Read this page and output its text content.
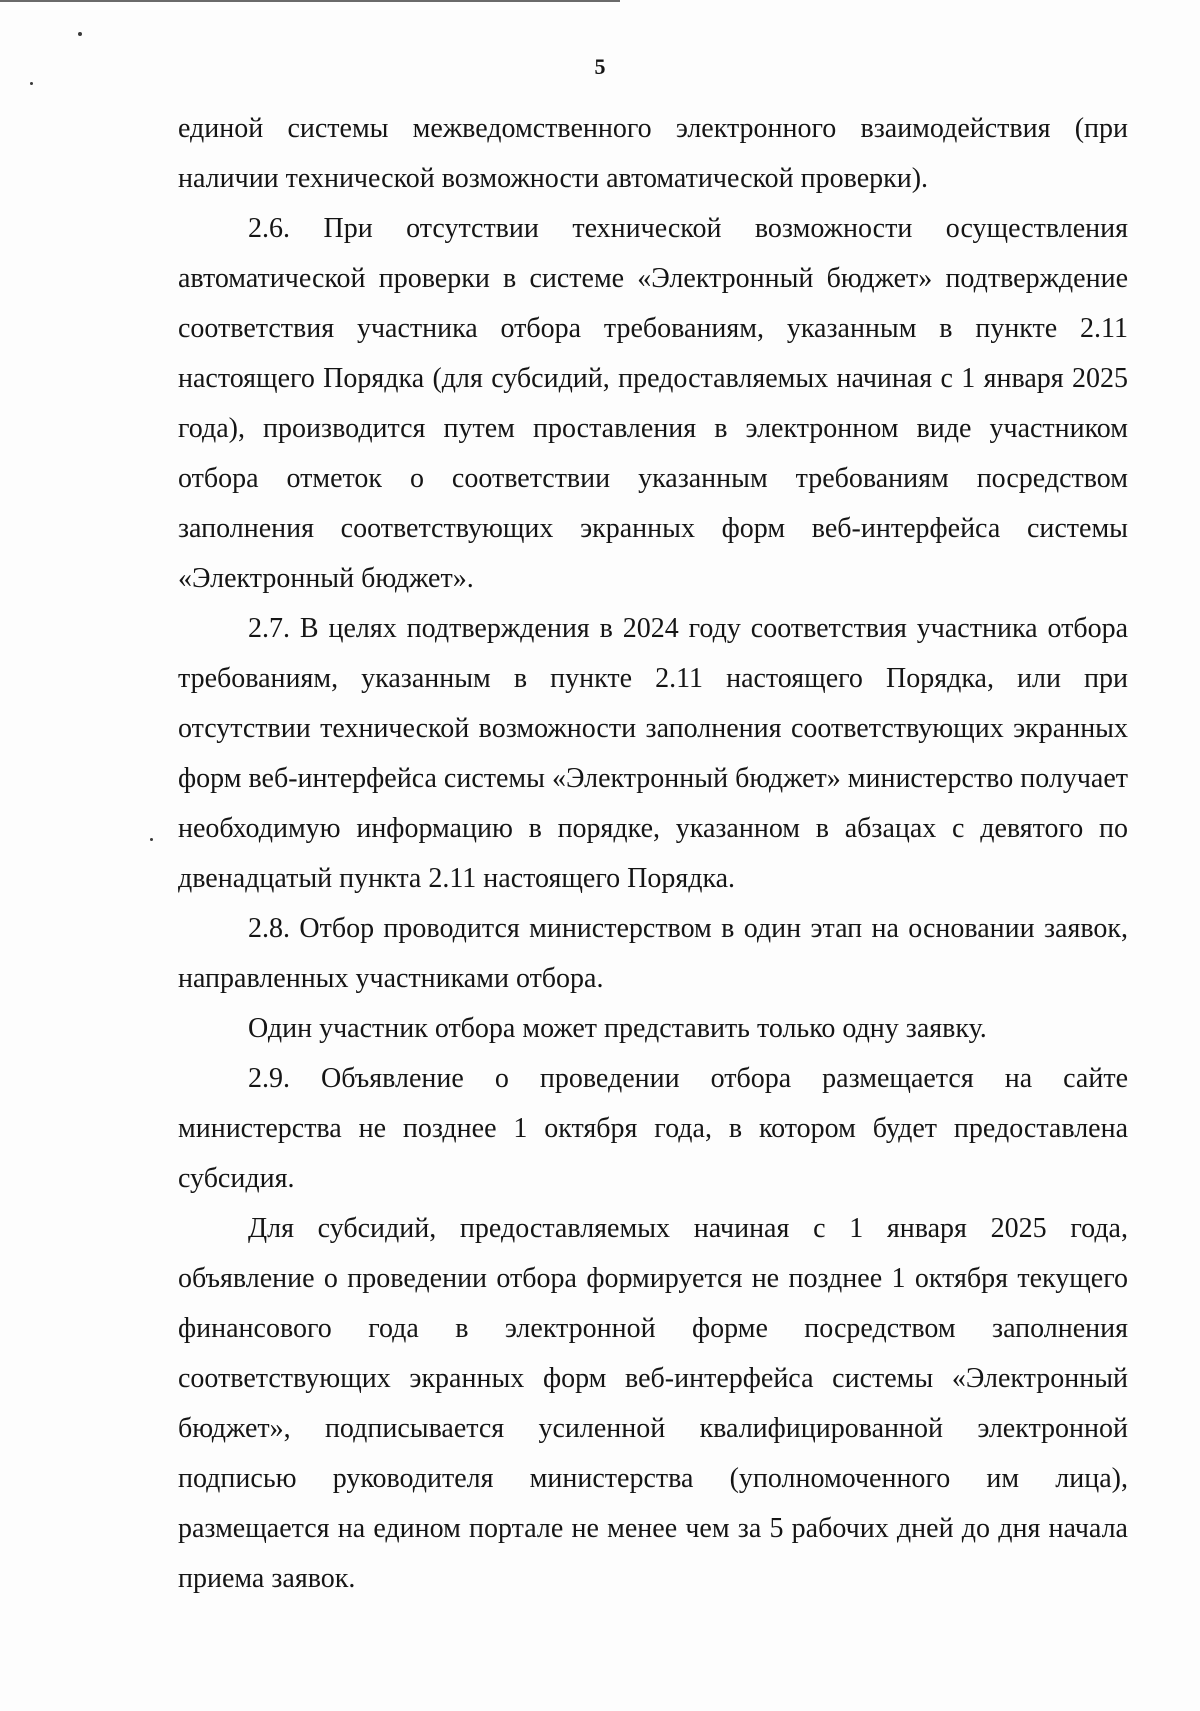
5

единой системы межведомственного электронного взаимодействия (при наличии технической возможности автоматической проверки).

2.6. При отсутствии технической возможности осуществления автоматической проверки в системе «Электронный бюджет» подтверждение соответствия участника отбора требованиям, указанным в пункте 2.11 настоящего Порядка (для субсидий, предоставляемых начиная с 1 января 2025 года), производится путем проставления в электронном виде участником отбора отметок о соответствии указанным требованиям посредством заполнения соответствующих экранных форм веб-интерфейса системы «Электронный бюджет».

2.7. В целях подтверждения в 2024 году соответствия участника отбора требованиям, указанным в пункте 2.11 настоящего Порядка, или при отсутствии технической возможности заполнения соответствующих экранных форм веб-интерфейса системы «Электронный бюджет» министерство получает необходимую информацию в порядке, указанном в абзацах с девятого по двенадцатый пункта 2.11 настоящего Порядка.

2.8. Отбор проводится министерством в один этап на основании заявок, направленных участниками отбора.

Один участник отбора может представить только одну заявку.

2.9. Объявление о проведении отбора размещается на сайте министерства не позднее 1 октября года, в котором будет предоставлена субсидия.

Для субсидий, предоставляемых начиная с 1 января 2025 года, объявление о проведении отбора формируется не позднее 1 октября текущего финансового года в электронной форме посредством заполнения соответствующих экранных форм веб-интерфейса системы «Электронный бюджет», подписывается усиленной квалифицированной электронной подписью руководителя министерства (уполномоченного им лица), размещается на едином портале не менее чем за 5 рабочих дней до дня начала приема заявок.
